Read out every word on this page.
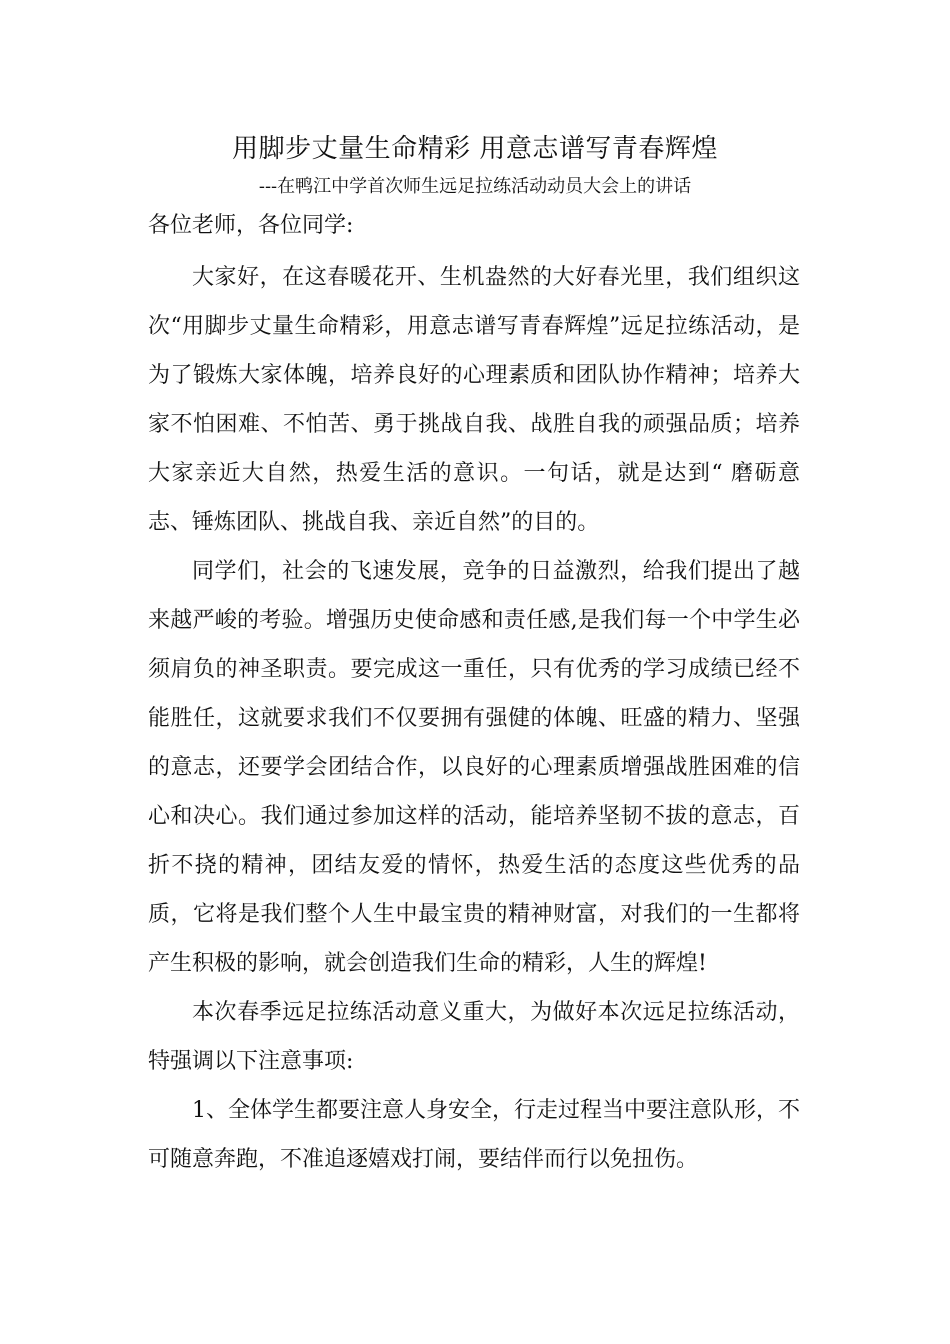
用脚步丈量生命精彩 用意志谱写青春辉煌
---在鸭江中学首次师生远足拉练活动动员大会上的讲话
各位老师，各位同学:

大家好，在这春暖花开、生机盎然的大好春光里，我们组织这次“用脚步丈量生命精彩，用意志谱写青春辉煌”远足拉练活动，是为了锻炼大家体魄，培养良好的心理素质和团队协作精神；培养大家不怕困难、不怕苦、勇于挑战自我、战胜自我的顽强品质；培养大家亲近大自然，热爱生活的意识。一句话，就是达到“ 磨砺意志、锤炼团队、挑战自我、亲近自然”的目的。

同学们，社会的飞速发展，竞争的日益激烈，给我们提出了越来越严峻的考验。增强历史使命感和责任感,是我们每一个中学生必须肩负的神圣职责。要完成这一重任，只有优秀的学习成绩已经不能胜任，这就要求我们不仅要拥有强健的体魄、旺盛的精力、坚强的意志，还要学会团结合作，以良好的心理素质增强战胜困难的信心和决心。我们通过参加这样的活动，能培养坚韧不拔的意志，百折不挠的精神，团结友爱的情怀，热爱生活的态度这些优秀的品质，它将是我们整个人生中最宝贵的精神财富，对我们的一生都将产生积极的影响，就会创造我们生命的精彩，人生的辉煌!

本次春季远足拉练活动意义重大，为做好本次远足拉练活动，特强调以下注意事项:

1、全体学生都要注意人身安全，行走过程当中要注意队形，不可随意奔跑，不准追逐嬉戏打闹，要结伴而行以免扭伤。
